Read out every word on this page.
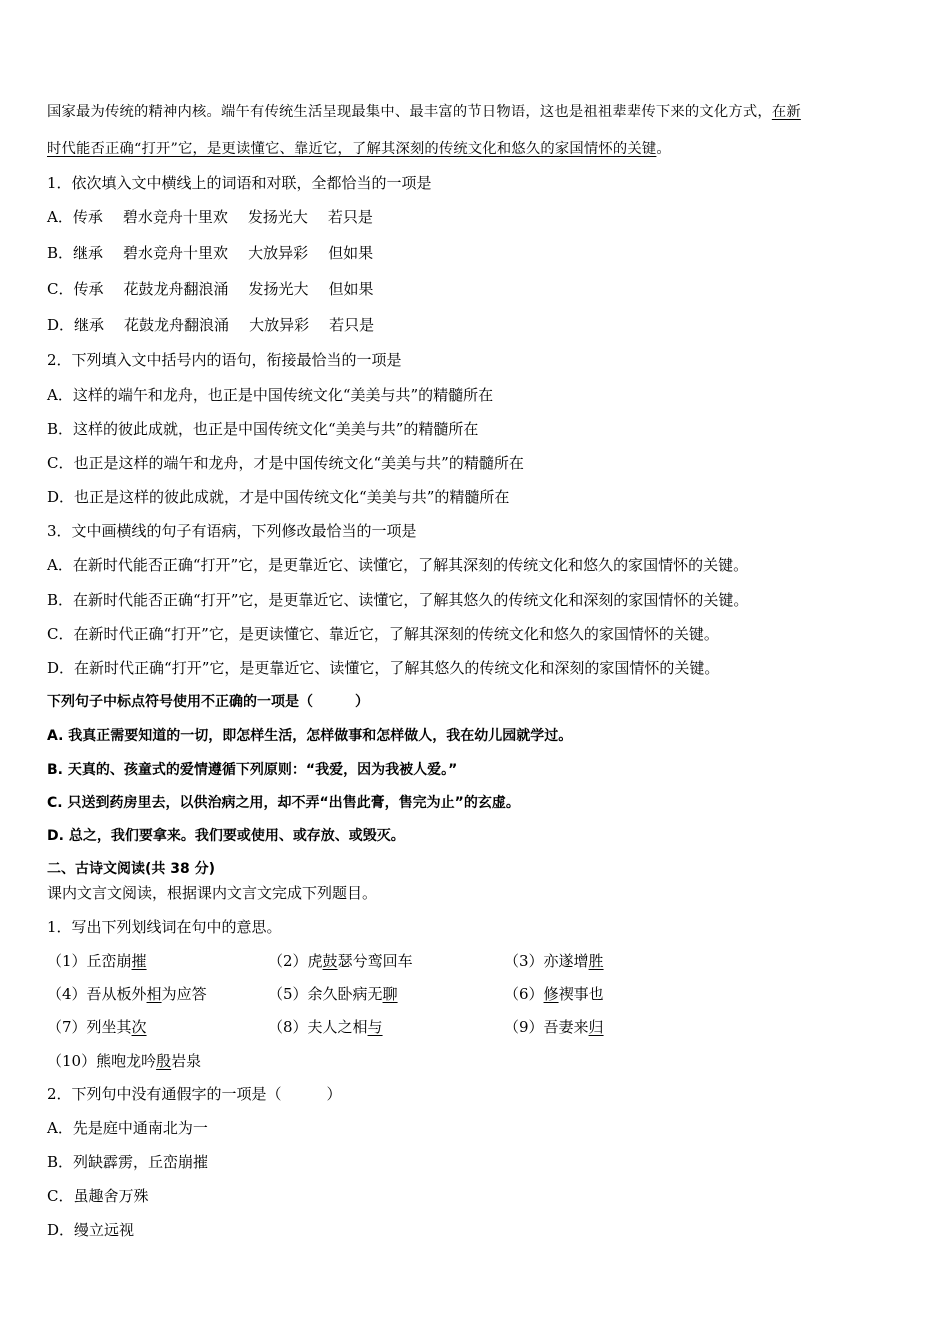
国家最为传统的精神内核。端午有传统生活呈现最集中、最丰富的节日物语，这也是祖祖辈辈传下来的文化方式，在新
时代能否正确“打开”它，是更读懂它、靠近它，了解其深刻的传统文化和悠久的家国情怀的关键。
1．依次填入文中横线上的词语和对联，全都恰当的一项是
A．传承 碧水竞舟十里欢 发扬光大 若只是
B．继承 碧水竞舟十里欢 大放异彩 但如果
C．传承 花鼓龙舟翻浪涌 发扬光大 但如果
D．继承 花鼓龙舟翻浪涌 大放异彩 若只是
2．下列填入文中括号内的语句，衔接最恰当的一项是
A．这样的端午和龙舟，也正是中国传统文化“美美与共”的精髓所在
B．这样的彼此成就，也正是中国传统文化“美美与共”的精髓所在
C．也正是这样的端午和龙舟，才是中国传统文化“美美与共”的精髓所在
D．也正是这样的彼此成就，才是中国传统文化“美美与共”的精髓所在
3．文中画横线的句子有语病，下列修改最恰当的一项是
A．在新时代能否正确“打开”它，是更靠近它、读懂它，了解其深刻的传统文化和悠久的家国情怀的关键。
B．在新时代能否正确“打开”它，是更靠近它、读懂它，了解其悠久的传统文化和深刻的家国情怀的关键。
C．在新时代正确“打开”它，是更读懂它、靠近它，了解其深刻的传统文化和悠久的家国情怀的关键。
D．在新时代正确“打开”它，是更靠近它、读懂它，了解其悠久的传统文化和深刻的家国情怀的关键。
下列句子中标点符号使用不正确的一项是（　　　）
A. 我真正需要知道的一切，即怎样生活，怎样做事和怎样做人，我在幼儿园就学过。
B. 天真的、孩童式的爱情遵循下列原则：“我爱，因为我被人爱。”
C. 只送到药房里去，以供治病之用，却不弄“出售此膏，售完为止”的玄虚。
D. 总之，我们要拿来。我们要或使用、或存放、或毁灭。
二、古诗文阅读(共 38 分)
课内文言文阅读，根据课内文言文完成下列题目。
1．写出下列划线词在句中的意思。
（1）丘峦崩摧	（2）虎鼓瑟兮鸾回车	（3）亦遂增胜
（4）吾从板外相为应答	（5）余久卧病无聊	（6）修禊事也
（7）列坐其次	（8）夫人之相与	（9）吾妻来归
（10）熊咆龙吟殷岩泉
2．下列句中没有通假字的一项是（　　　）
A．先是庭中通南北为一
B．列缺霹雳，丘峦崩摧
C．虽趣舍万殊
D．缦立远视
